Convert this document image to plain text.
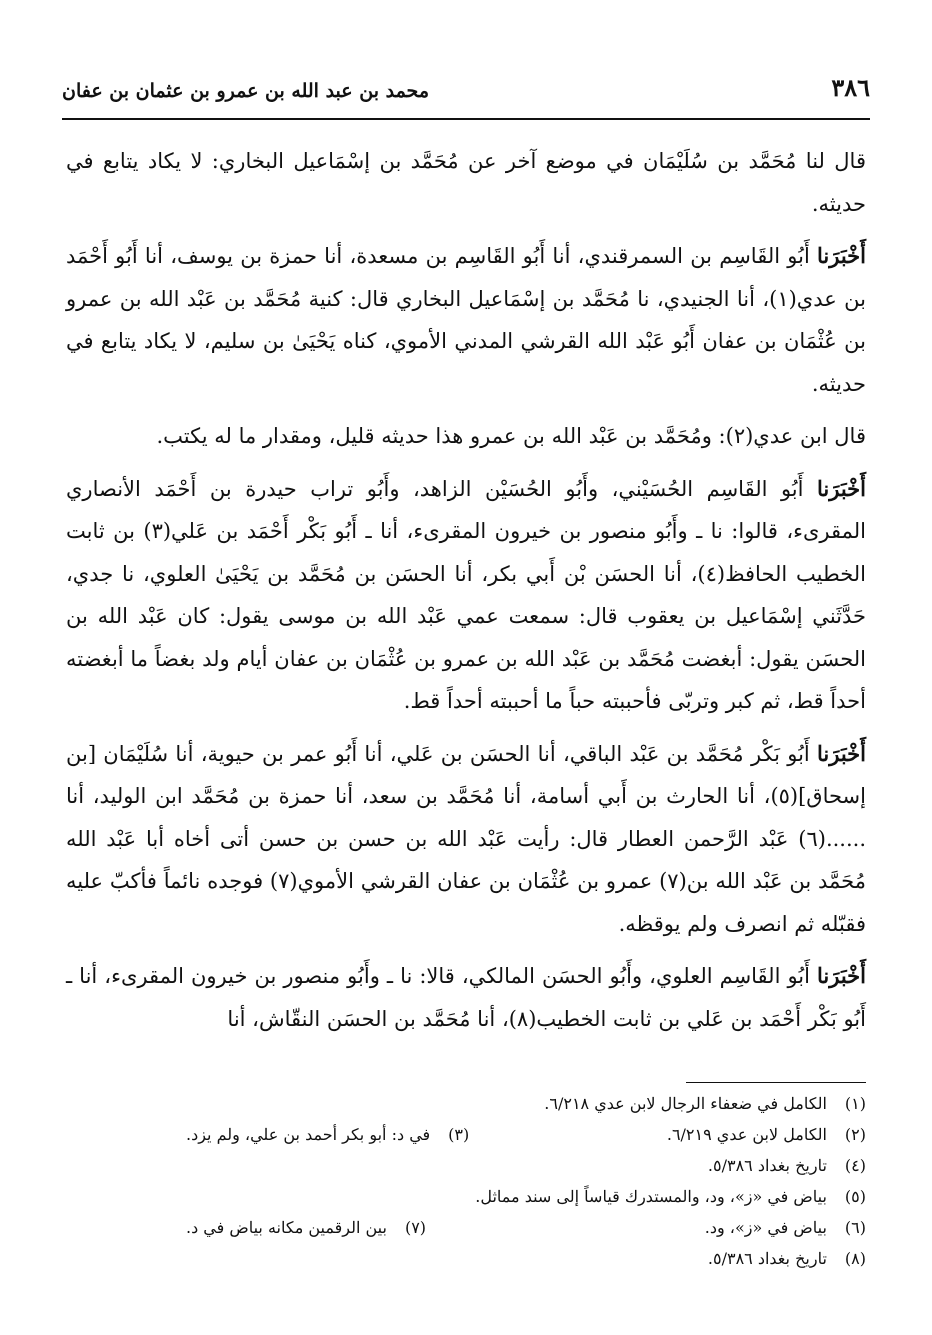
٣٨٦
محمد بن عبد الله بن عمرو بن عثمان بن عفان

قال لنا مُحَمَّد بن سُلَيْمَان في موضع آخر عن مُحَمَّد بن إسْمَاعيل البخاري: لا يكاد يتابع في حديثه.

أَخْبَرَنا أَبُو القَاسِم بن السمرقندي، أنا أَبُو القَاسِم بن مسعدة، أنا حمزة بن يوسف، أنا أَبُو أَحْمَد بن عدي(١)، أنا الجنيدي، نا مُحَمَّد بن إسْمَاعيل البخاري قال: كنية مُحَمَّد بن عَبْد الله بن عمرو بن عُثْمَان بن عفان أَبُو عَبْد الله القرشي المدني الأموي، كناه يَحْيَىٰ بن سليم، لا يكاد يتابع في حديثه.

قال ابن عدي(٢): ومُحَمَّد بن عَبْد الله بن عمرو هذا حديثه قليل، ومقدار ما له يكتب.

أَخْبَرَنا أَبُو القَاسِم الحُسَيْني، وأَبُو الحُسَيْن الزاهد، وأَبُو تراب حيدرة بن أَحْمَد الأنصاري المقرىء، قالوا: نا ـ وأَبُو منصور بن خيرون المقرىء، أنا ـ أَبُو بَكْر أَحْمَد بن عَلي(٣) بن ثابت الخطيب الحافظ(٤)، أنا الحسَن بْن أَبي بكر، أنا الحسَن بن مُحَمَّد بن يَحْيَىٰ العلوي، نا جدي، حَدَّثَني إسْمَاعيل بن يعقوب قال: سمعت عمي عَبْد الله بن موسى يقول: كان عَبْد الله بن الحسَن يقول: أبغضت مُحَمَّد بن عَبْد الله بن عمرو بن عُثْمَان بن عفان أيام ولد بغضاً ما أبغضته أحداً قط، ثم كبر وتربّى فأحببته حباً ما أحببته أحداً قط.

أَخْبَرَنا أَبُو بَكْر مُحَمَّد بن عَبْد الباقي، أنا الحسَن بن عَلي، أنا أَبُو عمر بن حيوية، أنا سُلَيْمَان [بن إسحاق](٥)، أنا الحارث بن أَبي أسامة، أنا مُحَمَّد بن سعد، أنا حمزة بن مُحَمَّد ابن الوليد، أنا ......(٦) عَبْد الرَّحمن العطار قال: رأيت عَبْد الله بن حسن بن حسن أتى أخاه أبا عَبْد الله مُحَمَّد بن عَبْد الله بن(٧) عمرو بن عُثْمَان بن عفان القرشي الأموي(٧) فوجده نائماً فأكبّ عليه فقبّله ثم انصرف ولم يوقظه.

أَخْبَرَنا أَبُو القَاسِم العلوي، وأَبُو الحسَن المالكي، قالا: نا ـ وأَبُو منصور بن خيرون المقرىء، أنا ـ أَبُو بَكْر أَحْمَد بن عَلي بن ثابت الخطيب(٨)، أنا مُحَمَّد بن الحسَن النقّاش، أنا

(١) الكامل في ضعفاء الرجال لابن عدي ٦/٢١٨.
(٢) الكامل لابن عدي ٦/٢١٩.
(٣) في د: أبو بكر أحمد بن علي، ولم يزد.
(٤) تاريخ بغداد ٥/٣٨٦.
(٥) بياض في «ز»، ود، والمستدرك قياساً إلى سند مماثل.
(٦) بياض في «ز»، ود.
(٧) بين الرقمين مكانه بياض في د.
(٨) تاريخ بغداد ٥/٣٨٦.
